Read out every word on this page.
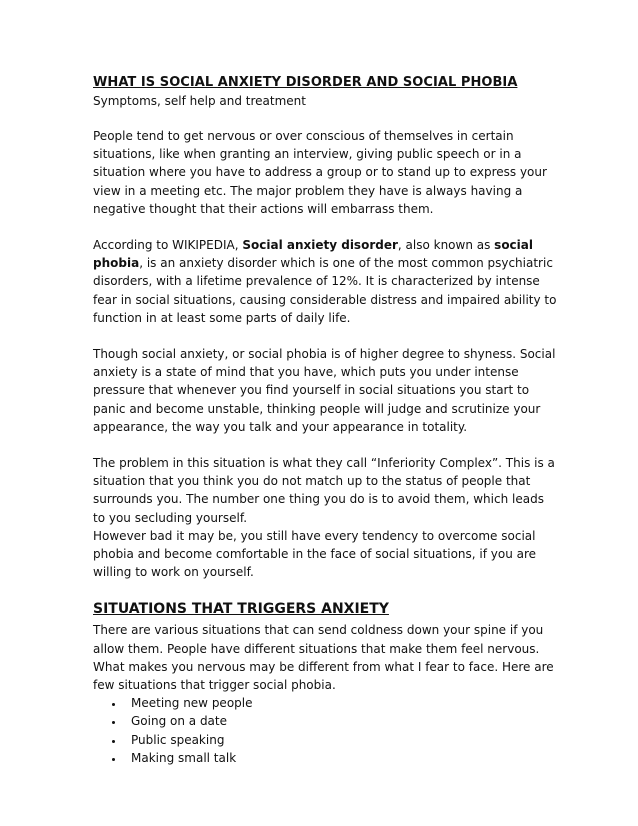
WHAT IS SOCIAL ANXIETY DISORDER AND SOCIAL PHOBIA
Symptoms, self help and treatment

People tend to get nervous or over conscious of themselves in certain situations, like when granting an interview, giving public speech or in a situation where you have to address a group or to stand up to express your view in a meeting etc. The major problem they have is always having a negative thought that their actions will embarrass them.

According to WIKIPEDIA, Social anxiety disorder, also known as social phobia, is an anxiety disorder which is one of the most common psychiatric disorders, with a lifetime prevalence of 12%. It is characterized by intense fear in social situations, causing considerable distress and impaired ability to function in at least some parts of daily life.

Though social anxiety, or social phobia is of higher degree to shyness. Social anxiety is a state of mind that you have, which puts you under intense pressure that whenever you find yourself in social situations you start to panic and become unstable, thinking people will judge and scrutinize your appearance, the way you talk and your appearance in totality.

The problem in this situation is what they call “Inferiority Complex”. This is a situation that you think you do not match up to the status of people that surrounds you. The number one thing you do is to avoid them, which leads to you secluding yourself.

However bad it may be, you still have every tendency to overcome social phobia and become comfortable in the face of social situations, if you are willing to work on yourself.

SITUATIONS THAT TRIGGERS ANXIETY

There are various situations that can send coldness down your spine if you allow them. People have different situations that make them feel nervous. What makes you nervous may be different from what I fear to face. Here are few situations that trigger social phobia.

• Meeting new people
• Going on a date
• Public speaking
• Making small talk
